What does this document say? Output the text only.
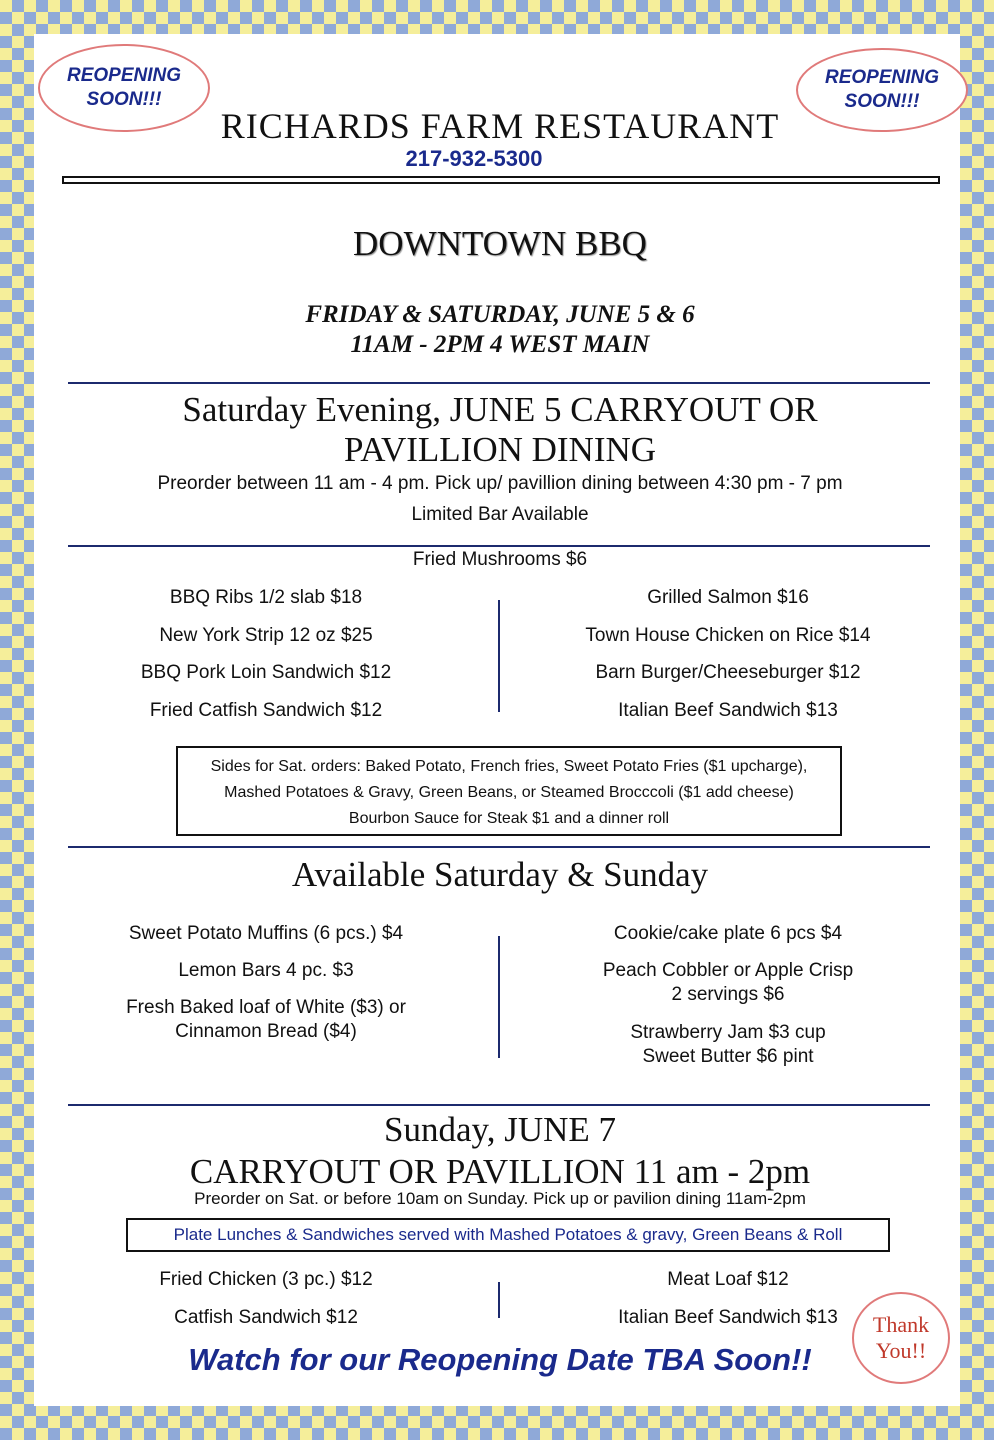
REOPENING
SOON!!!
REOPENING
SOON!!!
RICHARDS FARM RESTAURANT
217-932-5300
DOWNTOWN BBQ
FRIDAY & SATURDAY, JUNE 5 & 6
11AM - 2PM 4 WEST MAIN
Saturday Evening, JUNE 5 CARRYOUT OR
PAVILLION DINING
Preorder between 11 am - 4 pm. Pick up/ pavillion dining between 4:30 pm - 7 pm
Limited Bar Available
Fried Mushrooms $6
BBQ Ribs 1/2 slab $18
New York Strip 12 oz $25
BBQ Pork Loin Sandwich $12
Fried Catfish Sandwich $12
Grilled Salmon $16
Town House Chicken on Rice $14
Barn Burger/Cheeseburger $12
Italian Beef Sandwich $13
Sides for Sat. orders: Baked Potato, French fries, Sweet Potato Fries ($1 upcharge),
Mashed Potatoes & Gravy, Green Beans, or Steamed Brocccoli ($1 add cheese)
Bourbon Sauce for Steak $1 and a dinner roll
Available Saturday & Sunday
Sweet Potato Muffins (6 pcs.) $4
Lemon Bars 4 pc. $3
Fresh Baked loaf of White ($3) or
Cinnamon Bread ($4)
Cookie/cake plate 6 pcs $4
Peach Cobbler or Apple Crisp
2 servings $6
Strawberry Jam $3 cup
Sweet Butter $6 pint
Sunday, JUNE 7
CARRYOUT OR PAVILLION 11 am - 2pm
Preorder on Sat. or before 10am on Sunday. Pick up or pavilion dining 11am-2pm
Plate Lunches & Sandwiches served with Mashed Potatoes & gravy, Green Beans & Roll
Fried Chicken (3 pc.) $12
Catfish Sandwich $12
Meat Loaf $12
Italian Beef Sandwich $13
Watch for our Reopening Date TBA Soon!!
Thank
You!!
